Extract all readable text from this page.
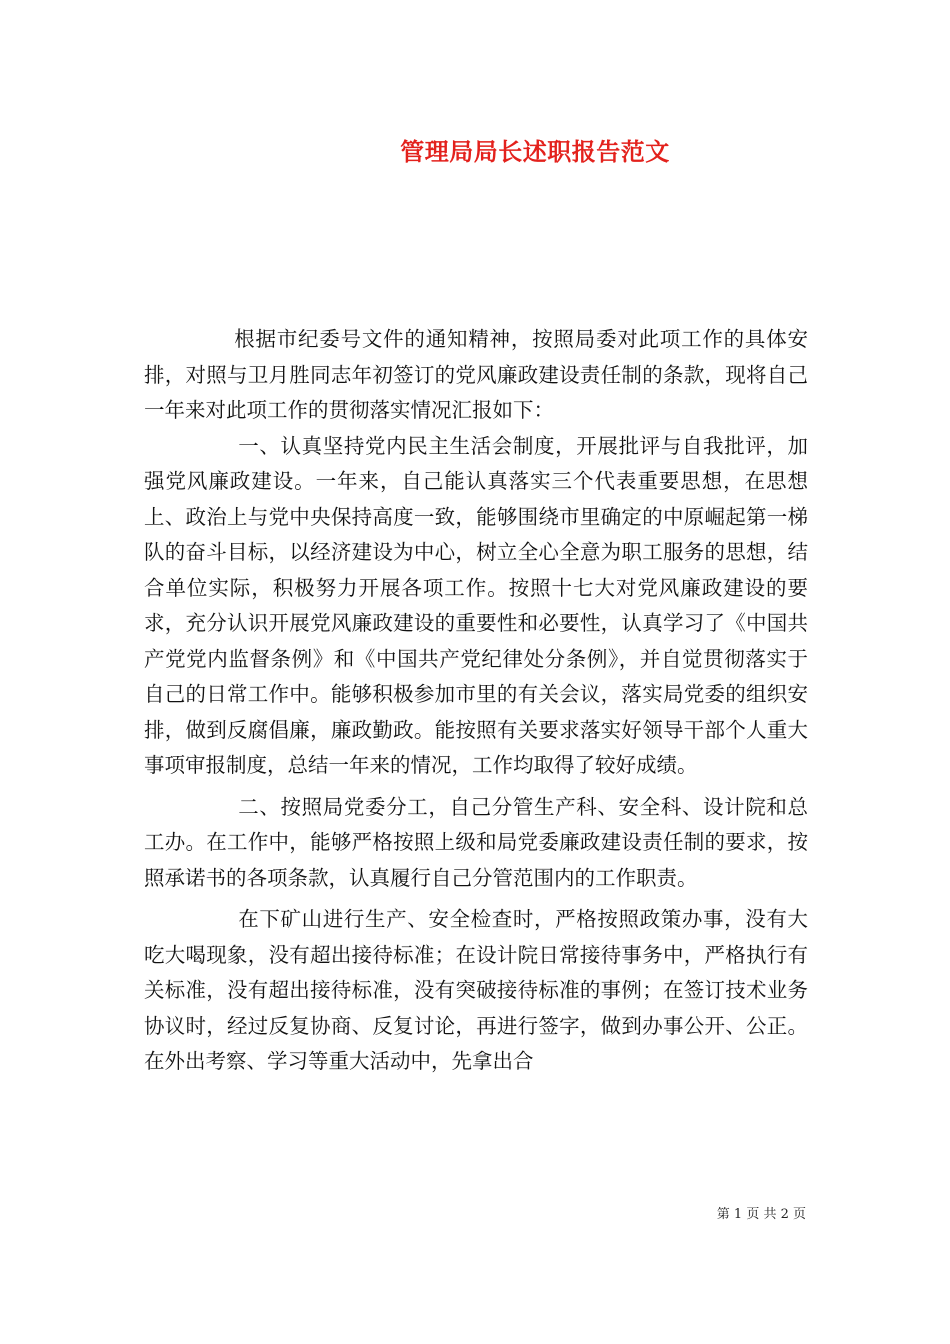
管理局局长述职报告范文

根据市纪委号文件的通知精神，按照局委对此项工作的具体安排，对照与卫月胜同志年初签订的党风廉政建设责任制的条款，现将自己一年来对此项工作的贯彻落实情况汇报如下：

一、认真坚持党内民主生活会制度，开展批评与自我批评，加强党风廉政建设。一年来，自己能认真落实三个代表重要思想，在思想上、政治上与党中央保持高度一致，能够围绕市里确定的中原崛起第一梯队的奋斗目标，以经济建设为中心，树立全心全意为职工服务的思想，结合单位实际，积极努力开展各项工作。按照十七大对党风廉政建设的要求，充分认识开展党风廉政建设的重要性和必要性，认真学习了《中国共产党党内监督条例》和《中国共产党纪律处分条例》，并自觉贯彻落实于自己的日常工作中。能够积极参加市里的有关会议，落实局党委的组织安排，做到反腐倡廉，廉政勤政。能按照有关要求落实好领导干部个人重大事项审报制度，总结一年来的情况，工作均取得了较好成绩。

二、按照局党委分工，自己分管生产科、安全科、设计院和总工办。在工作中，能够严格按照上级和局党委廉政建设责任制的要求，按照承诺书的各项条款，认真履行自己分管范围内的工作职责。

在下矿山进行生产、安全检查时，严格按照政策办事，没有大吃大喝现象，没有超出接待标准；在设计院日常接待事务中，严格执行有关标准，没有超出接待标准，没有突破接待标准的事例；在签订技术业务协议时，经过反复协商、反复讨论，再进行签字，做到办事公开、公正。在外出考察、学习等重大活动中，先拿出合

第 1 页 共 2 页
